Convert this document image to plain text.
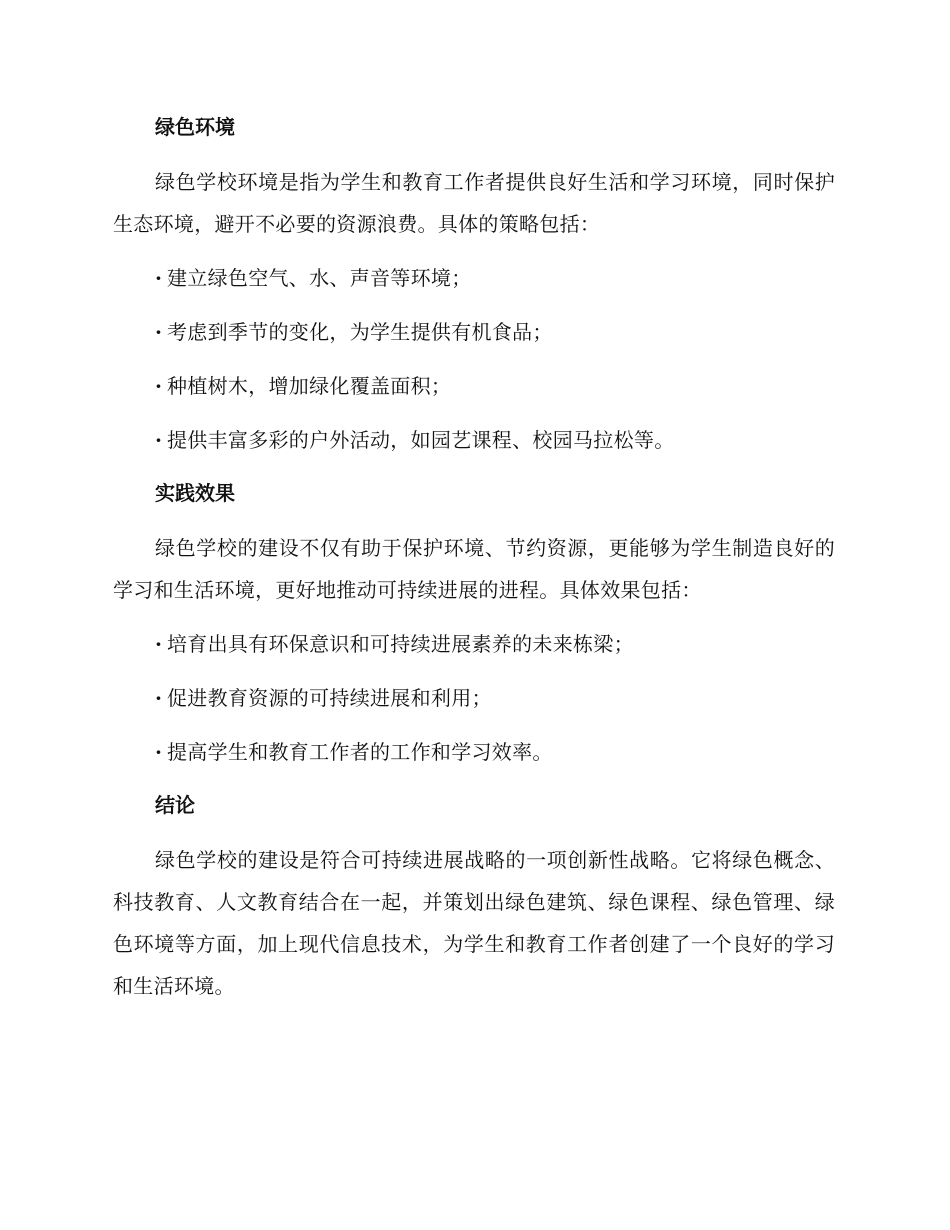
绿色环境

绿色学校环境是指为学生和教育工作者提供良好生活和学习环境，同时保护生态环境，避开不必要的资源浪费。具体的策略包括：

· 建立绿色空气、水、声音等环境；
· 考虑到季节的变化，为学生提供有机食品；
· 种植树木，增加绿化覆盖面积；
· 提供丰富多彩的户外活动，如园艺课程、校园马拉松等。
实践效果

绿色学校的建设不仅有助于保护环境、节约资源，更能够为学生制造良好的学习和生活环境，更好地推动可持续进展的进程。具体效果包括：

· 培育出具有环保意识和可持续进展素养的未来栋梁；
· 促进教育资源的可持续进展和利用；
· 提高学生和教育工作者的工作和学习效率。
结论

绿色学校的建设是符合可持续进展战略的一项创新性战略。它将绿色概念、科技教育、人文教育结合在一起，并策划出绿色建筑、绿色课程、绿色管理、绿色环境等方面，加上现代信息技术，为学生和教育工作者创建了一个良好的学习和生活环境。
